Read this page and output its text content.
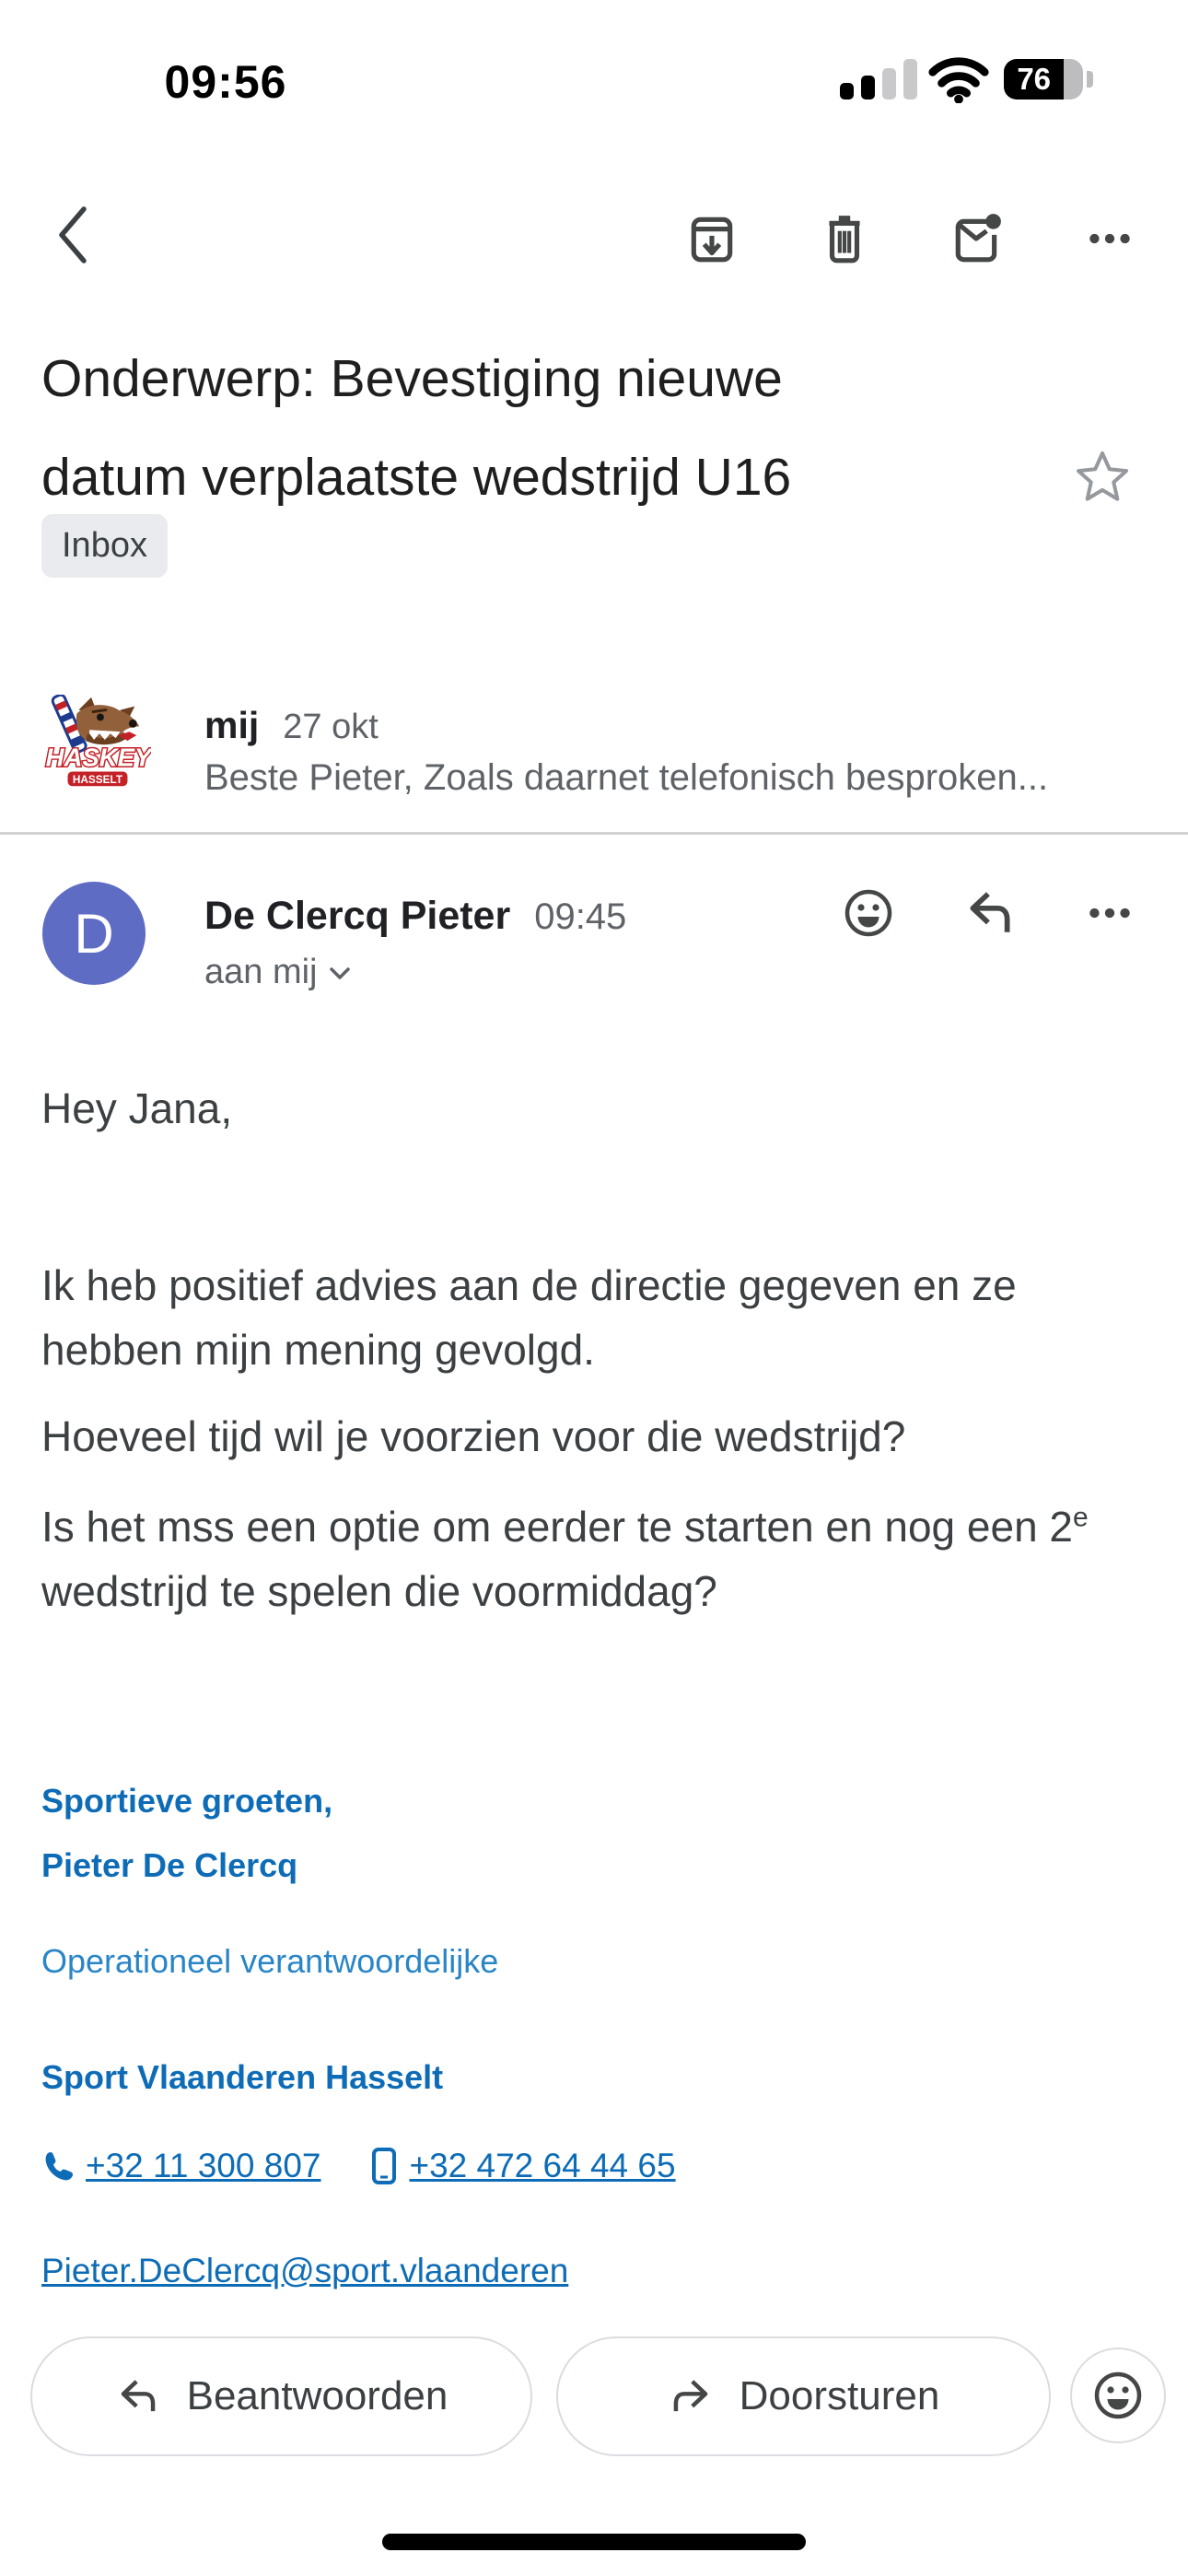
09:56	76
Onderwerp: Bevestiging nieuwe datum verplaatste wedstrijd U16
Inbox
HASKEY
HASSELT
mij 27 okt
Beste Pieter, Zoals daarnet telefonisch besproken...
D	De Clercq Pieter 09:45
aan mij

Hey Jana,

Ik heb positief advies aan de directie gegeven en ze hebben mijn mening gevolgd.

Hoeveel tijd wil je voorzien voor die wedstrijd?

Is het mss een optie om eerder te starten en nog een 2e wedstrijd te spelen die voormiddag?

Sportieve groeten,
Pieter De Clercq
Operationeel verantwoordelijke
Sport Vlaanderen Hasselt
+32 11 300 807	+32 472 64 44 65
Pieter.DeClercq@sport.vlaanderen
Beantwoorden	Doorsturen
